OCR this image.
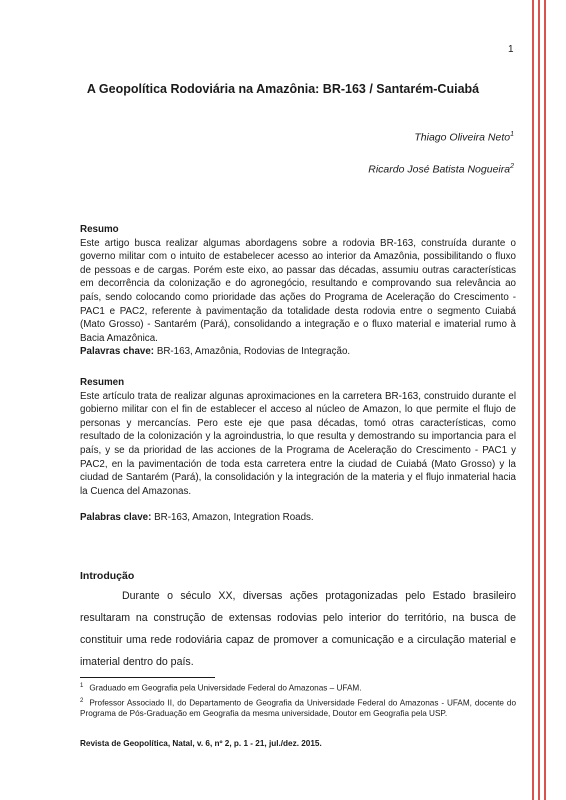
1
A Geopolítica Rodoviária na Amazônia: BR-163 / Santarém-Cuiabá
Thiago Oliveira Neto$^1$
Ricardo José Batista Nogueira$^2$
Resumo

Este artigo busca realizar algumas abordagens sobre a rodovia BR-163, construída durante o governo militar com o intuito de estabelecer acesso ao interior da Amazônia, possibilitando o fluxo de pessoas e de cargas. Porém este eixo, ao passar das décadas, assumiu outras características em decorrência da colonização e do agronegócio, resultando e comprovando sua relevância ao país, sendo colocando como prioridade das ações do Programa de Aceleração do Crescimento - PAC1 e PAC2, referente à pavimentação da totalidade desta rodovia entre o segmento Cuiabá (Mato Grosso) - Santarém (Pará), consolidando a integração e o fluxo material e imaterial rumo à Bacia Amazônica.

Palavras chave: BR-163, Amazônia, Rodovias de Integração.

Resumen

Este artículo trata de realizar algunas aproximaciones en la carretera BR-163, construido durante el gobierno militar con el fin de establecer el acceso al núcleo de Amazon, lo que permite el flujo de personas y mercancías. Pero este eje que pasa décadas, tomó otras características, como resultado de la colonización y la agroindustria, lo que resulta y demostrando su importancia para el país, y se da prioridad de las acciones de la Programa de Aceleração do Crescimento - PAC1 y PAC2, en la pavimentación de toda esta carretera entre la ciudad de Cuiabá (Mato Grosso) y la ciudad de Santarém (Pará), la consolidación y la integración de la materia y el flujo inmaterial hacia la Cuenca del Amazonas.

Palabras clave: BR-163, Amazon, Integration Roads.

Introdução

Durante o século XX, diversas ações protagonizadas pelo Estado brasileiro resultaram na construção de extensas rodovias pelo interior do território, na busca de constituir uma rede rodoviária capaz de promover a comunicação e a circulação material e imaterial dentro do país.

$^1$ Graduado em Geografia pela Universidade Federal do Amazonas – UFAM.

$^2$ Professor Associado II, do Departamento de Geografia da Universidade Federal do Amazonas - UFAM, docente do Programa de Pós-Graduação em Geografia da mesma universidade, Doutor em Geografia pela USP.

Revista de Geopolítica, Natal, v. 6, nº 2, p. 1 - 21, jul./dez. 2015.
